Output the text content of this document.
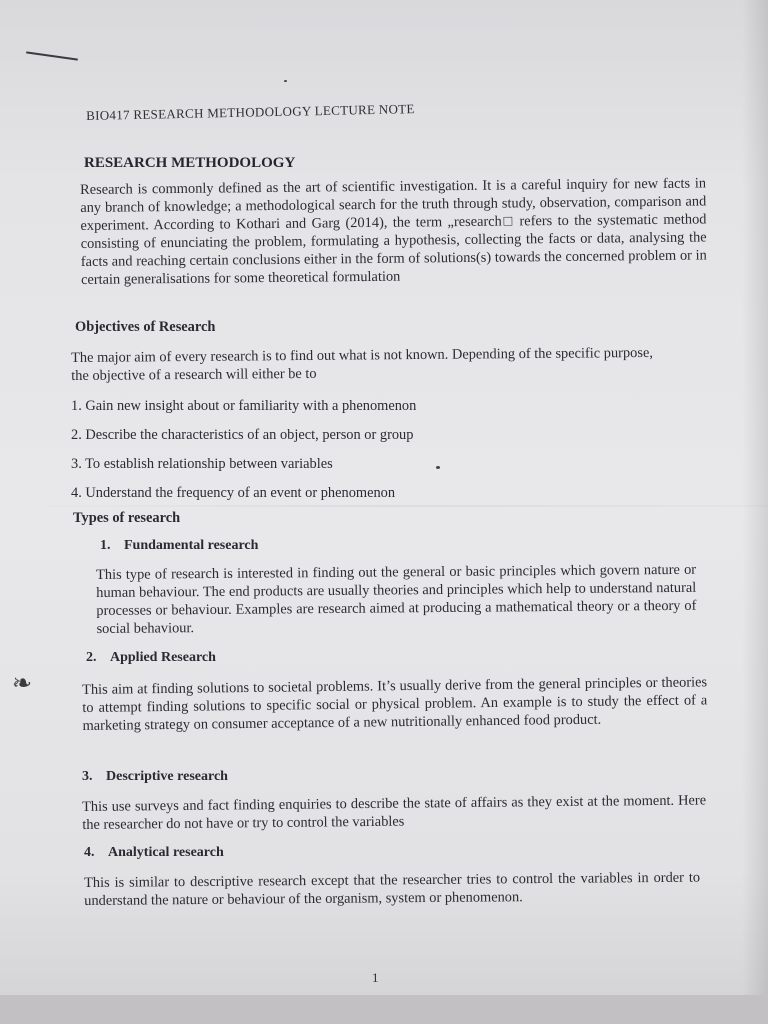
❧
BIO417 RESEARCH METHODOLOGY LECTURE NOTE
RESEARCH METHODOLOGY
Research is commonly defined as the art of scientific investigation. It is a careful inquiry for new facts in any branch of knowledge; a methodological search for the truth through study, observation, comparison and experiment. According to Kothari and Garg (2014), the term „research□ refers to the systematic method consisting of enunciating the problem, formulating a hypothesis, collecting the facts or data, analysing the facts and reaching certain conclusions either in the form of solutions(s) towards the concerned problem or in certain generalisations for some theoretical formulation
Objectives of Research
The major aim of every research is to find out what is not known. Depending of the specific purpose, the objective of a research will either be to
1. Gain new insight about or familiarity with a phenomenon
2. Describe the characteristics of an object, person or group
3. To establish relationship between variables
4. Understand the frequency of an event or phenomenon
Types of research
1. Fundamental research
This type of research is interested in finding out the general or basic principles which govern nature or human behaviour. The end products are usually theories and principles which help to understand natural processes or behaviour. Examples are research aimed at producing a mathematical theory or a theory of social behaviour.
2. Applied Research
This aim at finding solutions to societal problems. It’s usually derive from the general principles or theories to attempt finding solutions to specific social or physical problem. An example is to study the effect of a marketing strategy on consumer acceptance of a new nutritionally enhanced food product.
3. Descriptive research
This use surveys and fact finding enquiries to describe the state of affairs as they exist at the moment. Here the researcher do not have or try to control the variables
4. Analytical research
This is similar to descriptive research except that the researcher tries to control the variables in order to understand the nature or behaviour of the organism, system or phenomenon.
1
